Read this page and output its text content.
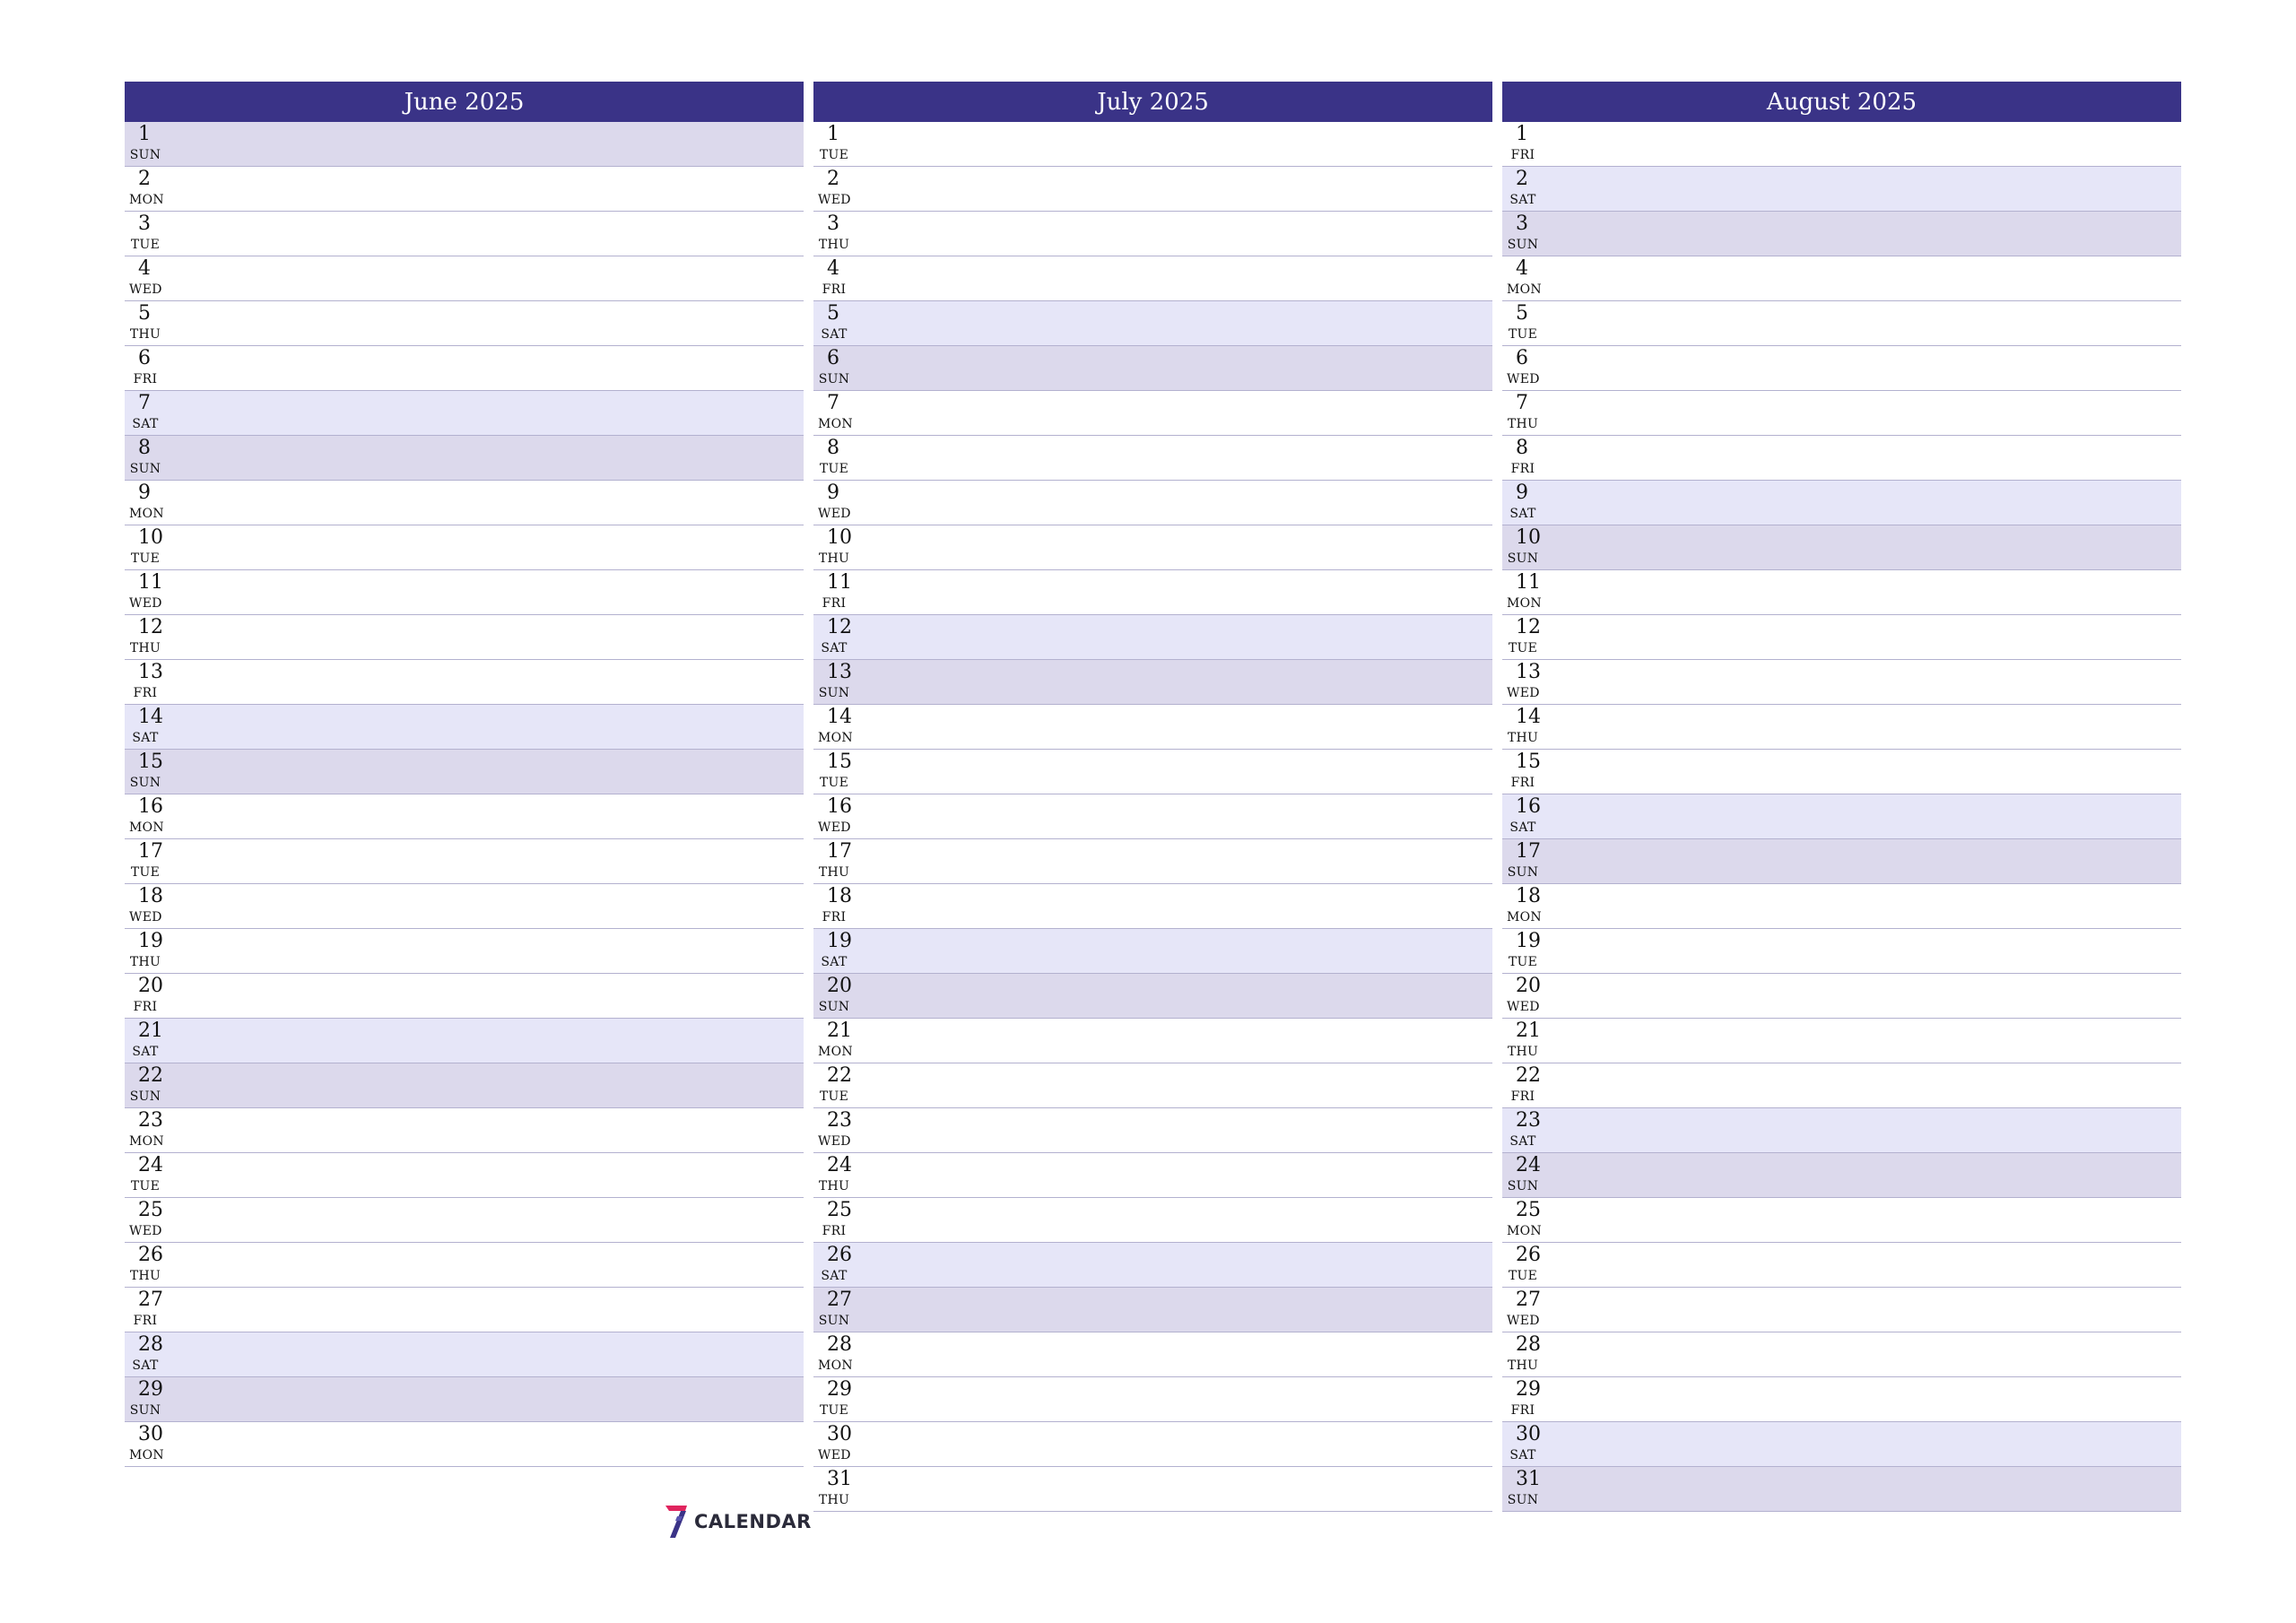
June 2025
1
SUN
2
MON
3
TUE
4
WED
5
THU
6
FRI
7
SAT
8
SUN
9
MON
10
TUE
11
WED
12
THU
13
FRI
14
SAT
15
SUN
16
MON
17
TUE
18
WED
19
THU
20
FRI
21
SAT
22
SUN
23
MON
24
TUE
25
WED
26
THU
27
FRI
28
SAT
29
SUN
30
MON
July 2025
1
TUE
2
WED
3
THU
4
FRI
5
SAT
6
SUN
7
MON
8
TUE
9
WED
10
THU
11
FRI
12
SAT
13
SUN
14
MON
15
TUE
16
WED
17
THU
18
FRI
19
SAT
20
SUN
21
MON
22
TUE
23
WED
24
THU
25
FRI
26
SAT
27
SUN
28
MON
29
TUE
30
WED
31
THU
August 2025
1
FRI
2
SAT
3
SUN
4
MON
5
TUE
6
WED
7
THU
8
FRI
9
SAT
10
SUN
11
MON
12
TUE
13
WED
14
THU
15
FRI
16
SAT
17
SUN
18
MON
19
TUE
20
WED
21
THU
22
FRI
23
SAT
24
SUN
25
MON
26
TUE
27
WED
28
THU
29
FRI
30
SAT
31
SUN
CALENDAR
